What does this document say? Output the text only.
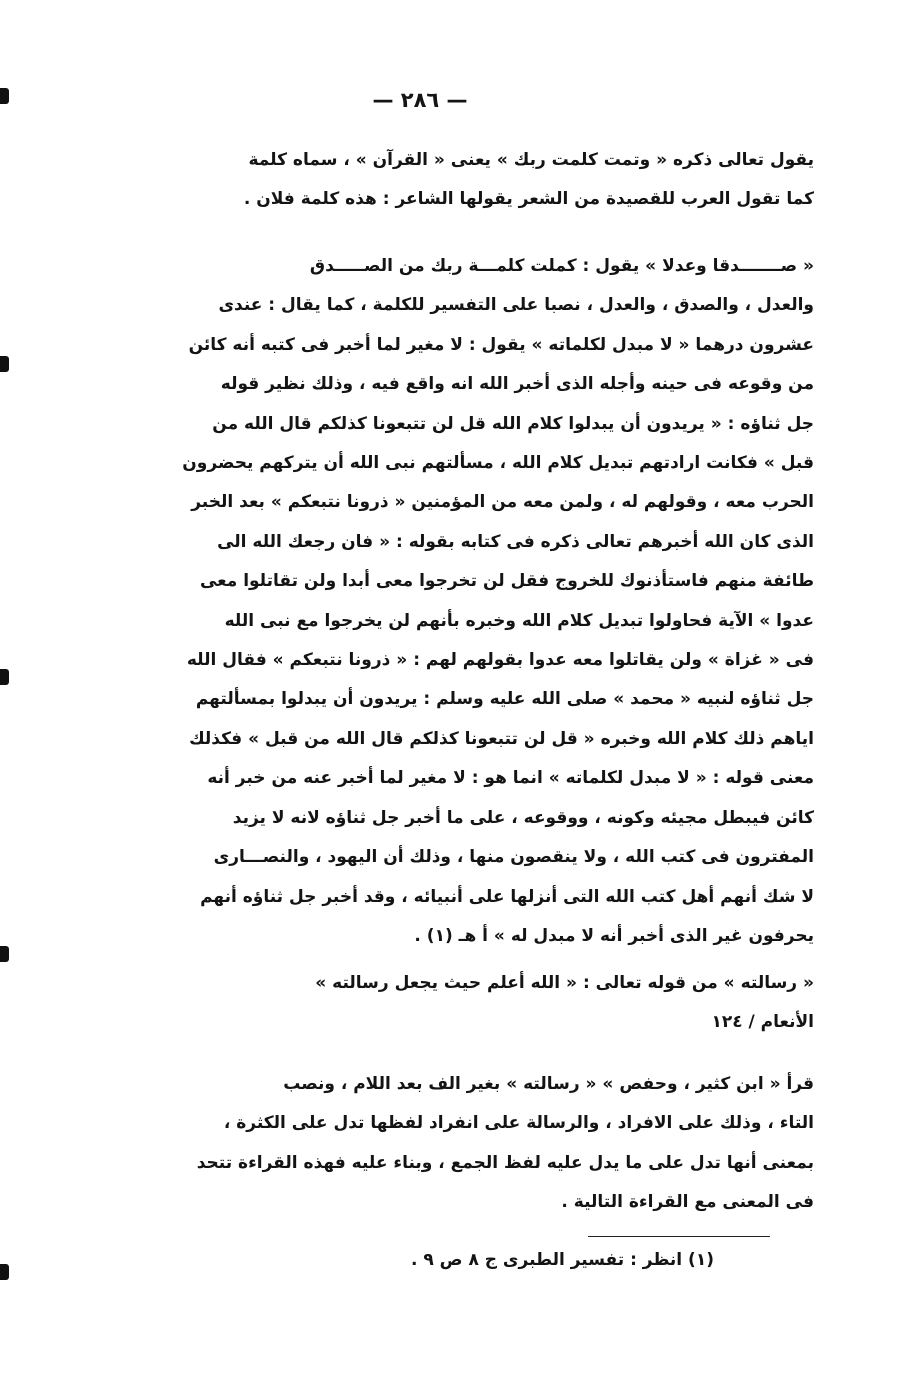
— ٢٨٦ —
يقول تعالى ذكره « وتمت كلمت ربك » يعنى « القرآن » ، سماه كلمة
كما تقول العرب للقصيدة من الشعر يقولها الشاعر : هذه كلمة فلان .
« صـــــــدقا وعدلا » يقول : كملت كلمـــة ربك من الصـــــدق
والعدل ، والصدق ، والعدل ، نصبا على التفسير للكلمة ، كما يقال : عندى
عشرون درهما « لا مبدل لكلماته » يقول : لا مغير لما أخبر فى كتبه أنه كائن
من وقوعه فى حينه وأجله الذى أخبر الله انه واقع فيه ، وذلك نظير قوله
جل ثناؤه : « يريدون أن يبدلوا كلام الله قل لن تتبعونا كذلكم قال الله من
قبل » فكانت ارادتهم تبديل كلام الله ، مسألتهم نبى الله أن يتركهم يحضرون
الحرب معه ، وقولهم له ، ولمن معه من المؤمنين « ذرونا نتبعكم » بعد الخبر
الذى كان الله أخبرهم تعالى ذكره فى كتابه بقوله : « فان رجعك الله الى
طائفة منهم فاستأذنوك للخروج فقل لن تخرجوا معى أبدا ولن تقاتلوا معى
عدوا » الآية فحاولوا تبديل كلام الله وخبره بأنهم لن يخرجوا مع نبى الله
فى « غزاة » ولن يقاتلوا معه عدوا بقولهم لهم : « ذرونا نتبعكم » فقال الله
جل ثناؤه لنبيه « محمد » صلى الله عليه وسلم : يريدون أن يبدلوا بمسألتهم
اياهم ذلك كلام الله وخبره « قل لن تتبعونا كذلكم قال الله من قبل » فكذلك
معنى قوله : « لا مبدل لكلماته » انما هو : لا مغير لما أخبر عنه من خبر أنه
كائن فيبطل مجيئه وكونه ، ووقوعه ، على ما أخبر جل ثناؤه لانه لا يزيد
المفترون فى كتب الله ، ولا ينقصون منها ، وذلك أن اليهود ، والنصـــارى
لا شك أنهم أهل كتب الله التى أنزلها على أنبيائه ، وقد أخبر جل ثناؤه أنهم
يحرفون غير الذى أخبر أنه لا مبدل له » أ هـ (١) .
« رسالته » من قوله تعالى : « الله أعلم حيث يجعل رسالته »
الأنعام / ١٢٤
قرأ « ابن كثير ، وحفص » « رسالته » بغير الف بعد اللام ، ونصب
التاء ، وذلك على الافراد ، والرسالة على انفراد لفظها تدل على الكثرة ،
بمعنى أنها تدل على ما يدل عليه لفظ الجمع ، وبناء عليه فهذه القراءة تتحد
فى المعنى مع القراءة التالية .
(١) انظر : تفسير الطبرى ج ٨ ص ٩ .
